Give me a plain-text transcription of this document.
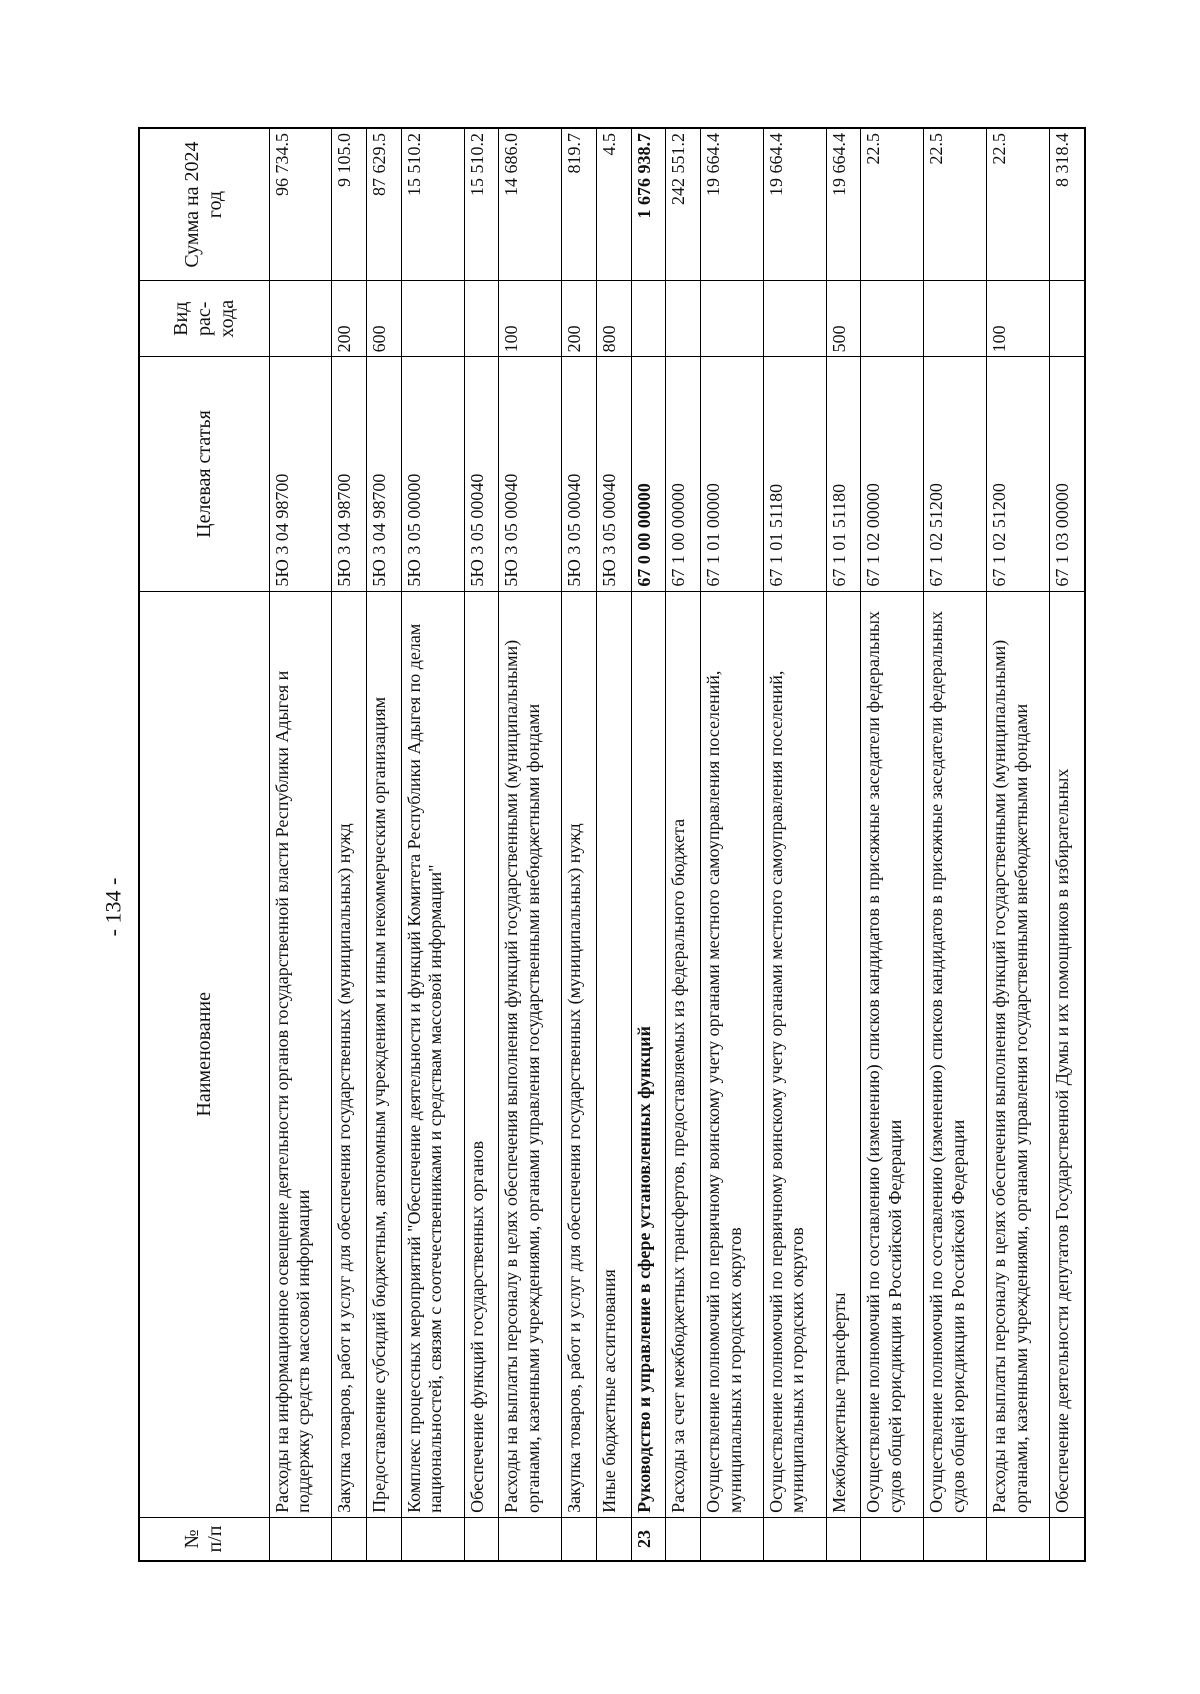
- 134 -
№ п/п	Наименование	Целевая статья	Вид рас-хода	Сумма на 2024 год
	Расходы на информационное освещение деятельности органов государственной власти Республики Адыгея и поддержку средств массовой информации	5Ю 3 04 98700		96 734.5
	Закупка товаров, работ и услуг для обеспечения государственных (муниципальных) нужд	5Ю 3 04 98700	200	9 105.0
	Предоставление субсидий бюджетным, автономным учреждениям и иным некоммерческим организациям	5Ю 3 04 98700	600	87 629.5
	Комплекс процессных мероприятий "Обеспечение деятельности и функций Комитета Республики Адыгея по делам национальностей, связям с соотечественниками и средствам массовой информации"	5Ю 3 05 00000		15 510.2
	Обеспечение функций государственных органов	5Ю 3 05 00040		15 510.2
	Расходы на выплаты персоналу в целях обеспечения выполнения функций государственными (муниципальными) органами, казенными учреждениями, органами управления государственными внебюджетными фондами	5Ю 3 05 00040	100	14 686.0
	Закупка товаров, работ и услуг для обеспечения государственных (муниципальных) нужд	5Ю 3 05 00040	200	819.7
	Иные бюджетные ассигнования	5Ю 3 05 00040	800	4.5
23	Руководство и управление в сфере установленных функций	67 0 00 00000		1 676 938.7
	Расходы за счет межбюджетных трансфертов, предоставляемых из федерального бюджета	67 1 00 00000		242 551.2
	Осуществление полномочий по первичному воинскому учету органами местного самоуправления поселений, муниципальных и городских округов	67 1 01 00000		19 664.4
	Осуществление полномочий по первичному воинскому учету органами местного самоуправления поселений, муниципальных и городских округов	67 1 01 51180		19 664.4
	Межбюджетные трансферты	67 1 01 51180	500	19 664.4
	Осуществление полномочий по составлению (изменению) списков кандидатов в присяжные заседатели федеральных судов общей юрисдикции в Российской Федерации	67 1 02 00000		22.5
	Осуществление полномочий по составлению (изменению) списков кандидатов в присяжные заседатели федеральных судов общей юрисдикции в Российской Федерации	67 1 02 51200		22.5
	Расходы на выплаты персоналу в целях обеспечения выполнения функций государственными (муниципальными) органами, казенными учреждениями, органами управления государственными внебюджетными фондами	67 1 02 51200	100	22.5
	Обеспечение деятельности депутатов Государственной Думы и их помощников в избирательных	67 1 03 00000		8 318.4
